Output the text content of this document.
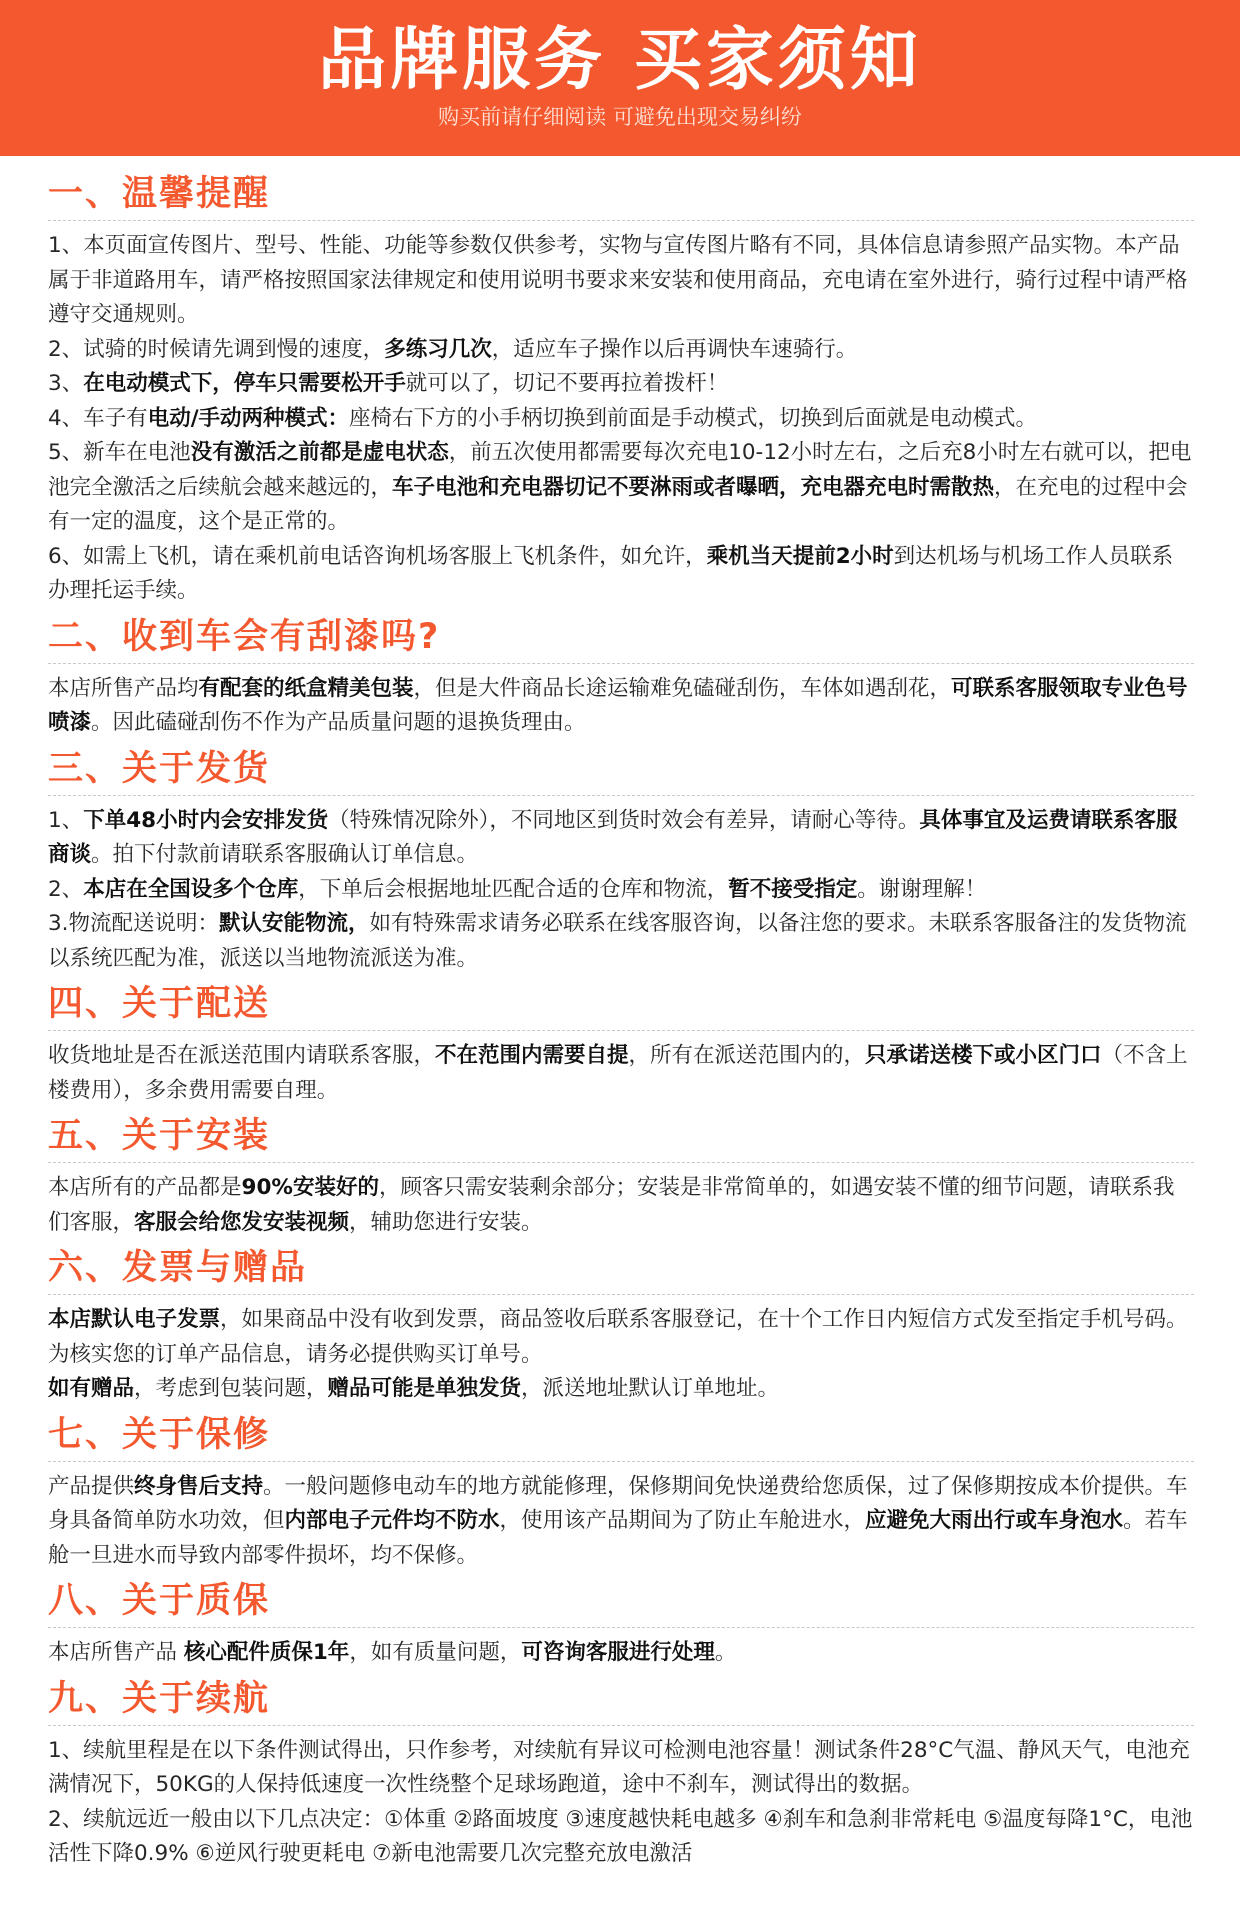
品牌服务 买家须知
购买前请仔细阅读 可避免出现交易纠纷
一、温馨提醒

1、本页面宣传图片、型号、性能、功能等参数仅供参考，实物与宣传图片略有不同，具体信息请参照产品实物。本产品属于非道路用车，请严格按照国家法律规定和使用说明书要求来安装和使用商品，充电请在室外进行，骑行过程中请严格遵守交通规则。

2、试骑的时候请先调到慢的速度，多练习几次，适应车子操作以后再调快车速骑行。

3、在电动模式下，停车只需要松开手就可以了，切记不要再拉着拨杆！

4、车子有电动/手动两种模式：座椅右下方的小手柄切换到前面是手动模式，切换到后面就是电动模式。

5、新车在电池没有激活之前都是虚电状态，前五次使用都需要每次充电10-12小时左右，之后充8小时左右就可以，把电池完全激活之后续航会越来越远的，车子电池和充电器切记不要淋雨或者曝晒，充电器充电时需散热，在充电的过程中会有一定的温度，这个是正常的。

6、如需上飞机，请在乘机前电话咨询机场客服上飞机条件，如允许，乘机当天提前2小时到达机场与机场工作人员联系办理托运手续。

二、收到车会有刮漆吗?

本店所售产品均有配套的纸盒精美包装，但是大件商品长途运输难免磕碰刮伤，车体如遇刮花，可联系客服领取专业色号喷漆。因此磕碰刮伤不作为产品质量问题的退换货理由。

三、关于发货

1、下单48小时内会安排发货（特殊情况除外），不同地区到货时效会有差异，请耐心等待。具体事宜及运费请联系客服商谈。拍下付款前请联系客服确认订单信息。

2、本店在全国设多个仓库，下单后会根据地址匹配合适的仓库和物流，暂不接受指定。谢谢理解！

3.物流配送说明：默认安能物流，如有特殊需求请务必联系在线客服咨询，以备注您的要求。未联系客服备注的发货物流以系统匹配为准，派送以当地物流派送为准。

四、关于配送

收货地址是否在派送范围内请联系客服，不在范围内需要自提，所有在派送范围内的，只承诺送楼下或小区门口（不含上楼费用），多余费用需要自理。

五、关于安装

本店所有的产品都是90%安装好的，顾客只需安装剩余部分；安装是非常简单的，如遇安装不懂的细节问题，请联系我们客服，客服会给您发安装视频，辅助您进行安装。

六、发票与赠品

本店默认电子发票，如果商品中没有收到发票，商品签收后联系客服登记，在十个工作日内短信方式发至指定手机号码。为核实您的订单产品信息，请务必提供购买订单号。

如有赠品，考虑到包装问题，赠品可能是单独发货，派送地址默认订单地址。

七、关于保修

产品提供终身售后支持。一般问题修电动车的地方就能修理，保修期间免快递费给您质保，过了保修期按成本价提供。车身具备简单防水功效，但内部电子元件均不防水，使用该产品期间为了防止车舱进水，应避免大雨出行或车身泡水。若车舱一旦进水而导致内部零件损坏，均不保修。

八、关于质保

本店所售产品 核心配件质保1年，如有质量问题，可咨询客服进行处理。

九、关于续航

1、续航里程是在以下条件测试得出，只作参考，对续航有异议可检测电池容量！测试条件28°C气温、静风天气，电池充满情况下，50KG的人保持低速度一次性绕整个足球场跑道，途中不刹车，测试得出的数据。

2、续航远近一般由以下几点决定：①体重 ②路面坡度 ③速度越快耗电越多 ④刹车和急刹非常耗电 ⑤温度每降1°C，电池活性下降0.9% ⑥逆风行驶更耗电 ⑦新电池需要几次完整充放电激活
